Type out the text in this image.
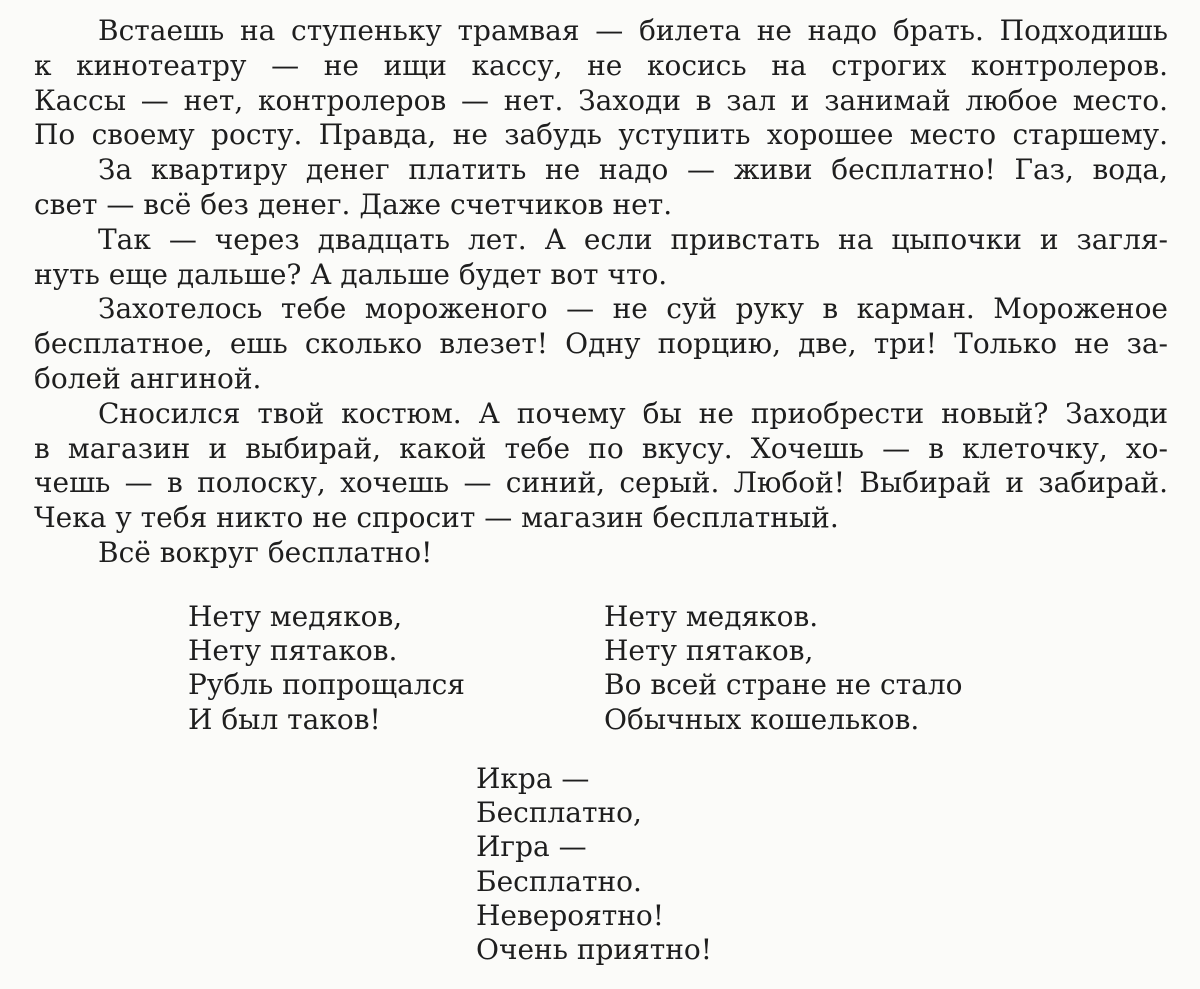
Встаешь на ступеньку трамвая — билета не надо брать. Подходишь
к кинотеатру — не ищи кассу, не косись на строгих контролеров.
Кассы — нет, контролеров — нет. Заходи в зал и занимай любое место.
По своему росту. Правда, не забудь уступить хорошее место старшему.
За квартиру денег платить не надо — живи бесплатно! Газ, вода,
свет — всё без денег. Даже счетчиков нет.
Так — через двадцать лет. А если привстать на цыпочки и загля-
нуть еще дальше? А дальше будет вот что.
Захотелось тебе мороженого — не суй руку в карман. Мороженое
бесплатное, ешь сколько влезет! Одну порцию, две, три! Только не за-
болей ангиной.
Сносился твой костюм. А почему бы не приобрести новый? Заходи
в магазин и выбирай, какой тебе по вкусу. Хочешь — в клеточку, хо-
чешь — в полоску, хочешь — синий, серый. Любой! Выбирай и забирай.
Чека у тебя никто не спросит — магазин бесплатный.
Всё вокруг бесплатно!
Нету медяков,
Нету пятаков.
Рубль попрощался
И был таков!
Нету медяков.
Нету пятаков,
Во всей стране не стало
Обычных кошельков.
Икра —
Бесплатно,
Игра —
Бесплатно.
Невероятно!
Очень приятно!
